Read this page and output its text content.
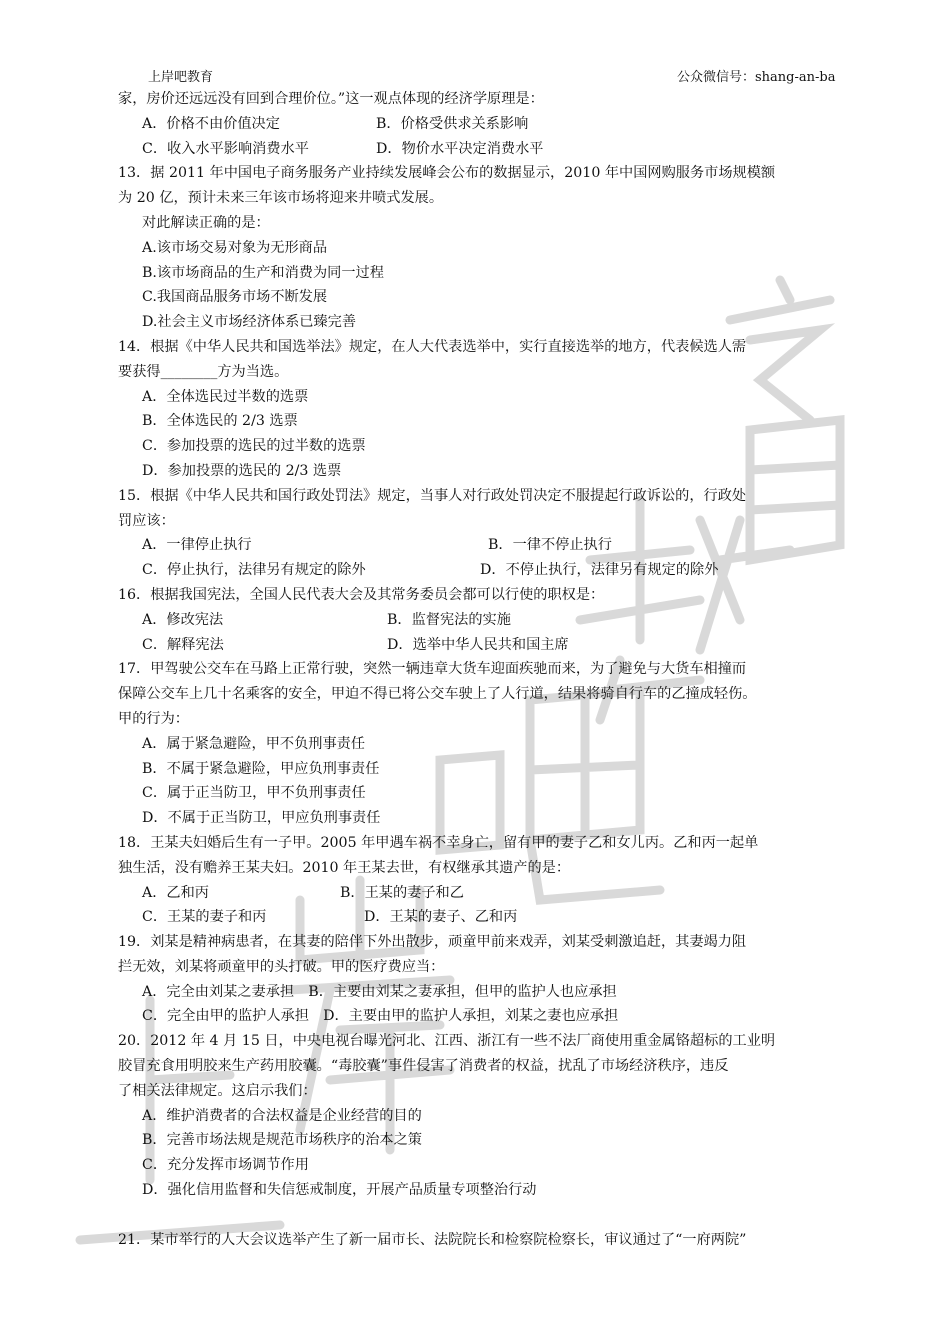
上岸吧教育	公众微信号：shang-an-ba
家，房价还远远没有回到合理价位。”这一观点体现的经济学原理是：
A．价格不由价值决定	B．价格受供求关系影响
C．收入水平影响消费水平	D．物价水平决定消费水平
13．据 2011 年中国电子商务服务产业持续发展峰会公布的数据显示，2010 年中国网购服务市场规模额
为 20 亿，预计未来三年该市场将迎来井喷式发展。
对此解读正确的是：
A.该市场交易对象为无形商品
B.该市场商品的生产和消费为同一过程
C.我国商品服务市场不断发展
D.社会主义市场经济体系已臻完善
14．根据《中华人民共和国选举法》规定，在人大代表选举中，实行直接选举的地方，代表候选人需
要获得________方为当选。
A．全体选民过半数的选票
B．全体选民的 2/3 选票
C．参加投票的选民的过半数的选票
D．参加投票的选民的 2/3 选票
15．根据《中华人民共和国行政处罚法》规定，当事人对行政处罚决定不服提起行政诉讼的，行政处
罚应该：
A．一律停止执行	B．一律不停止执行
C．停止执行，法律另有规定的除外	D．不停止执行，法律另有规定的除外
16．根据我国宪法，全国人民代表大会及其常务委员会都可以行使的职权是：
A．修改宪法	B．监督宪法的实施
C．解释宪法	D．选举中华人民共和国主席
17．甲驾驶公交车在马路上正常行驶，突然一辆违章大货车迎面疾驰而来，为了避免与大货车相撞而
保障公交车上几十名乘客的安全，甲迫不得已将公交车驶上了人行道，结果将骑自行车的乙撞成轻伤。
甲的行为：
A．属于紧急避险，甲不负刑事责任
B．不属于紧急避险，甲应负刑事责任
C．属于正当防卫，甲不负刑事责任
D．不属于正当防卫，甲应负刑事责任
18．王某夫妇婚后生有一子甲。2005 年甲遇车祸不幸身亡，留有甲的妻子乙和女儿丙。乙和丙一起单
独生活，没有赡养王某夫妇。2010 年王某去世，有权继承其遗产的是：
A．乙和丙	B．王某的妻子和乙
C．王某的妻子和丙	D．王某的妻子、乙和丙
19．刘某是精神病患者，在其妻的陪伴下外出散步，顽童甲前来戏弄，刘某受刺激追赶，其妻竭力阻
拦无效，刘某将顽童甲的头打破。甲的医疗费应当：
A．完全由刘某之妻承担　B．主要由刘某之妻承担，但甲的监护人也应承担
C．完全由甲的监护人承担　D．主要由甲的监护人承担，刘某之妻也应承担
20．2012 年 4 月 15 日，中央电视台曝光河北、江西、浙江有一些不法厂商使用重金属铬超标的工业明
胶冒充食用明胶来生产药用胶囊。“毒胶囊”事件侵害了消费者的权益，扰乱了市场经济秩序，违反
了相关法律规定。这启示我们：
A．维护消费者的合法权益是企业经营的目的
B．完善市场法规是规范市场秩序的治本之策
C．充分发挥市场调节作用
D．强化信用监督和失信惩戒制度，开展产品质量专项整治行动
21．某市举行的人大会议选举产生了新一届市长、法院院长和检察院检察长，审议通过了“一府两院”
